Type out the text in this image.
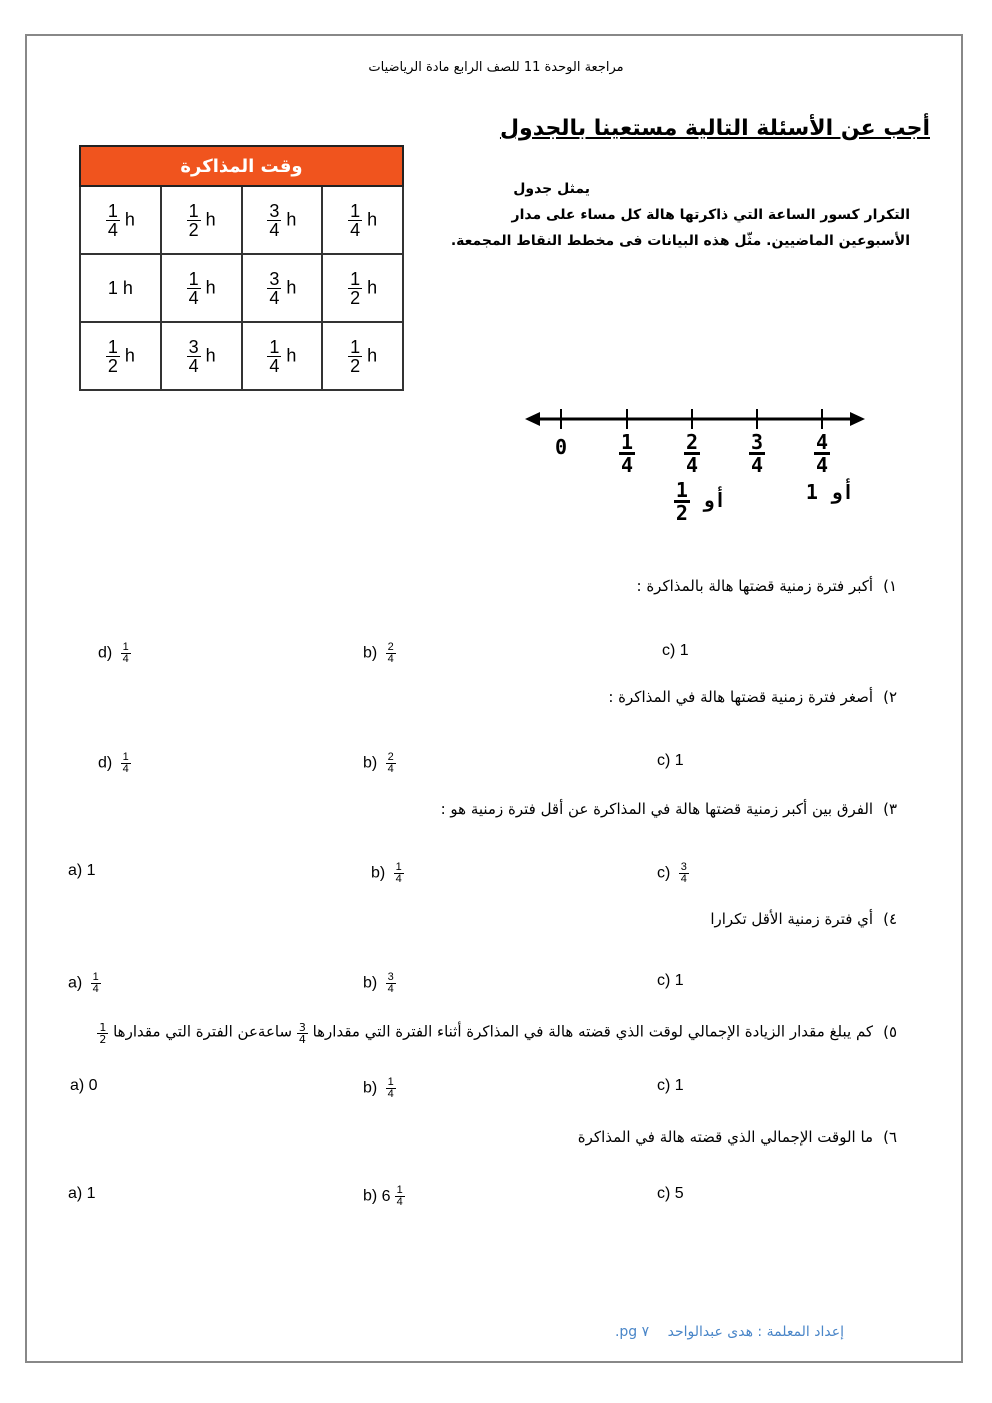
مراجعة الوحدة 11 للصف الرابع مادة الرياضيات
أجب عن الأسئلة التالية مستعينا بالجدول
يمثل جدول
التكرار كسور الساعة التي ذاكرتها هالة كل مساء على مدار
الأسبوعين الماضيين. مثّل هذه البيانات فى مخطط النقاط المجمعة.
وقت المذاكرة			

$\frac{1}{4}$ h	$\frac{1}{2}$ h	$\frac{3}{4}$ h	$\frac{1}{4}$ h
1 h	$\frac{1}{4}$ h	$\frac{3}{4}$ h	$\frac{1}{2}$ h

$\frac{1}{2}$ h	$\frac{3}{4}$ h	$\frac{1}{4}$ h	$\frac{1}{2}$ h
0	$\frac{1}{4} \frac{2}{4} \frac{3}{4} \frac{4}{4}$
أو
$\frac{1}{2}$	أو 1
١)أكبر فترة زمنية قضتها هالة بالمذاكرة :
$d) \frac{1}{4}$	$b) \frac{2}{4}$	c) 1
٢)أصغر فترة زمنية قضتها هالة في المذاكرة :
$d) \frac{1}{4}$	$b) \frac{2}{4}$	c) 1
٣)الفرق بين أكبر زمنية قضتها هالة في المذاكرة عن أقل فترة زمنية هو :
a) 1	$b) \frac{1}{4}$	$c) \frac{3}{4}$
٤)أي فترة زمنية الأقل تكرارا
$a) \frac{1}{4}$	$b) \frac{3}{4}$	c) 1
٥)كم يبلغ مقدار الزيادة الإجمالي لوقت الذي قضته هالة في المذاكرة أثناء الفترة التي مقدارها
$\frac{3}{4}$
ساعةعن الفترة التي مقدارها
$\frac{1}{2}$
a) 0	$b) \frac{1}{4}$	c) 1
٦)ما الوقت الإجمالي الذي قضته هالة في المذاكرة
a) 1	b) $6 \frac{1}{4}$	c) 5
إعداد المعلمة : هدى عبدالواحد ٧ pg.
